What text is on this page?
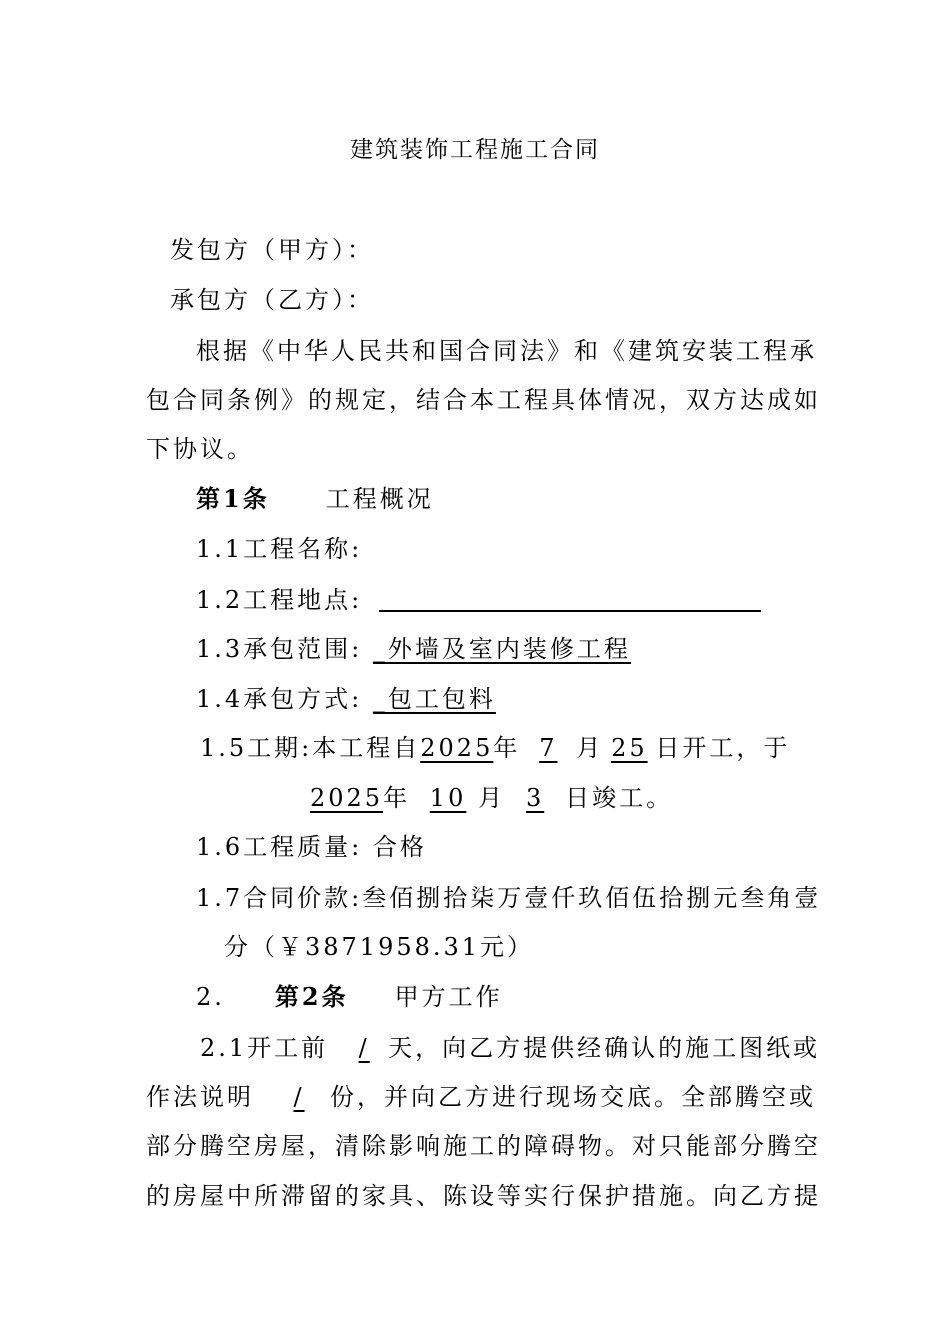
建筑装饰工程施工合同
发包方（甲方）：
承包方（乙方）：
根据《中华人民共和国合同法》和《建筑安装工程承
包合同条例》的规定，结合本工程具体情况，双方达成如
下协议。
第1条 工程概况
1.1工程名称:
1.2工程地点:
1.3承包范围: _外墙及室内装修工程
1.4承包方式: _包工包料
1.5工期:本工程自2025年 7 月 25 日开工，于
2025年 10 月 3 日竣工。
1.6工程质量: 合格
1.7合同价款:叁佰捌拾柒万壹仟玖佰伍拾捌元叁角壹
分（￥3871958.31元）
2. 第2条 甲方工作
2.1开工前 / 天，向乙方提供经确认的施工图纸或
作法说明 / 份，并向乙方进行现场交底。全部腾空或
部分腾空房屋，清除影响施工的障碍物。对只能部分腾空
的房屋中所滞留的家具、陈设等实行保护措施。向乙方提
